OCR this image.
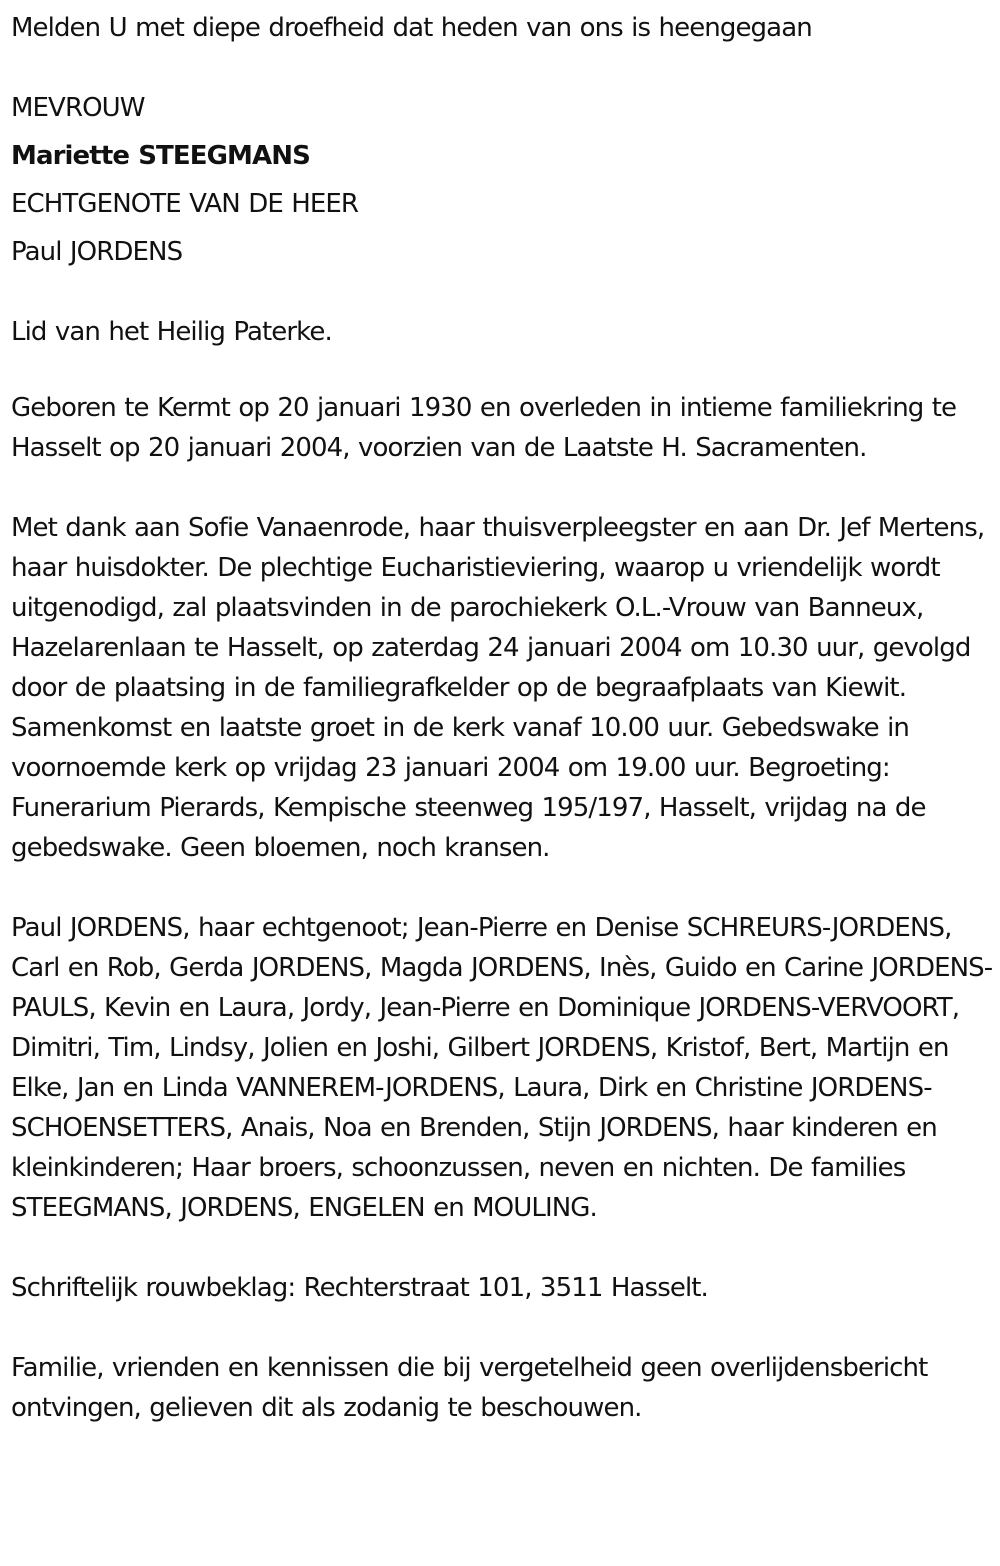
Melden U met diepe droefheid dat heden van ons is heengegaan

MEVROUW

Mariette STEEGMANS

ECHTGENOTE VAN DE HEER

Paul JORDENS

Lid van het Heilig Paterke.

Geboren te Kermt op 20 januari 1930 en overleden in intieme familiekring te Hasselt op 20 januari 2004, voorzien van de Laatste H. Sacramenten.

Met dank aan Sofie Vanaenrode, haar thuisverpleegster en aan Dr. Jef Mertens, haar huisdokter. De plechtige Eucharistieviering, waarop u vriendelijk wordt uitgenodigd, zal plaatsvinden in de parochiekerk O.L.-Vrouw van Banneux, Hazelarenlaan te Hasselt, op zaterdag 24 januari 2004 om 10.30 uur, gevolgd door de plaatsing in de familiegrafkelder op de begraafplaats van Kiewit. Samenkomst en laatste groet in de kerk vanaf 10.00 uur. Gebedswake in voornoemde kerk op vrijdag 23 januari 2004 om 19.00 uur. Begroeting: Funerarium Pierards, Kempische steenweg 195/197, Hasselt, vrijdag na de gebedswake. Geen bloemen, noch kransen.

Paul JORDENS, haar echtgenoot; Jean-Pierre en Denise SCHREURS-JORDENS, Carl en Rob, Gerda JORDENS, Magda JORDENS, Inès, Guido en Carine JORDENS-PAULS, Kevin en Laura, Jordy, Jean-Pierre en Dominique JORDENS-VERVOORT, Dimitri, Tim, Lindsy, Jolien en Joshi, Gilbert JORDENS, Kristof, Bert, Martijn en Elke, Jan en Linda VANNEREM-JORDENS, Laura, Dirk en Christine JORDENS-SCHOENSETTERS, Anais, Noa en Brenden, Stijn JORDENS, haar kinderen en kleinkinderen; Haar broers, schoonzussen, neven en nichten. De families STEEGMANS, JORDENS, ENGELEN en MOULING.

Schriftelijk rouwbeklag: Rechterstraat 101, 3511 Hasselt.

Familie, vrienden en kennissen die bij vergetelheid geen overlijdensbericht ontvingen, gelieven dit als zodanig te beschouwen.
